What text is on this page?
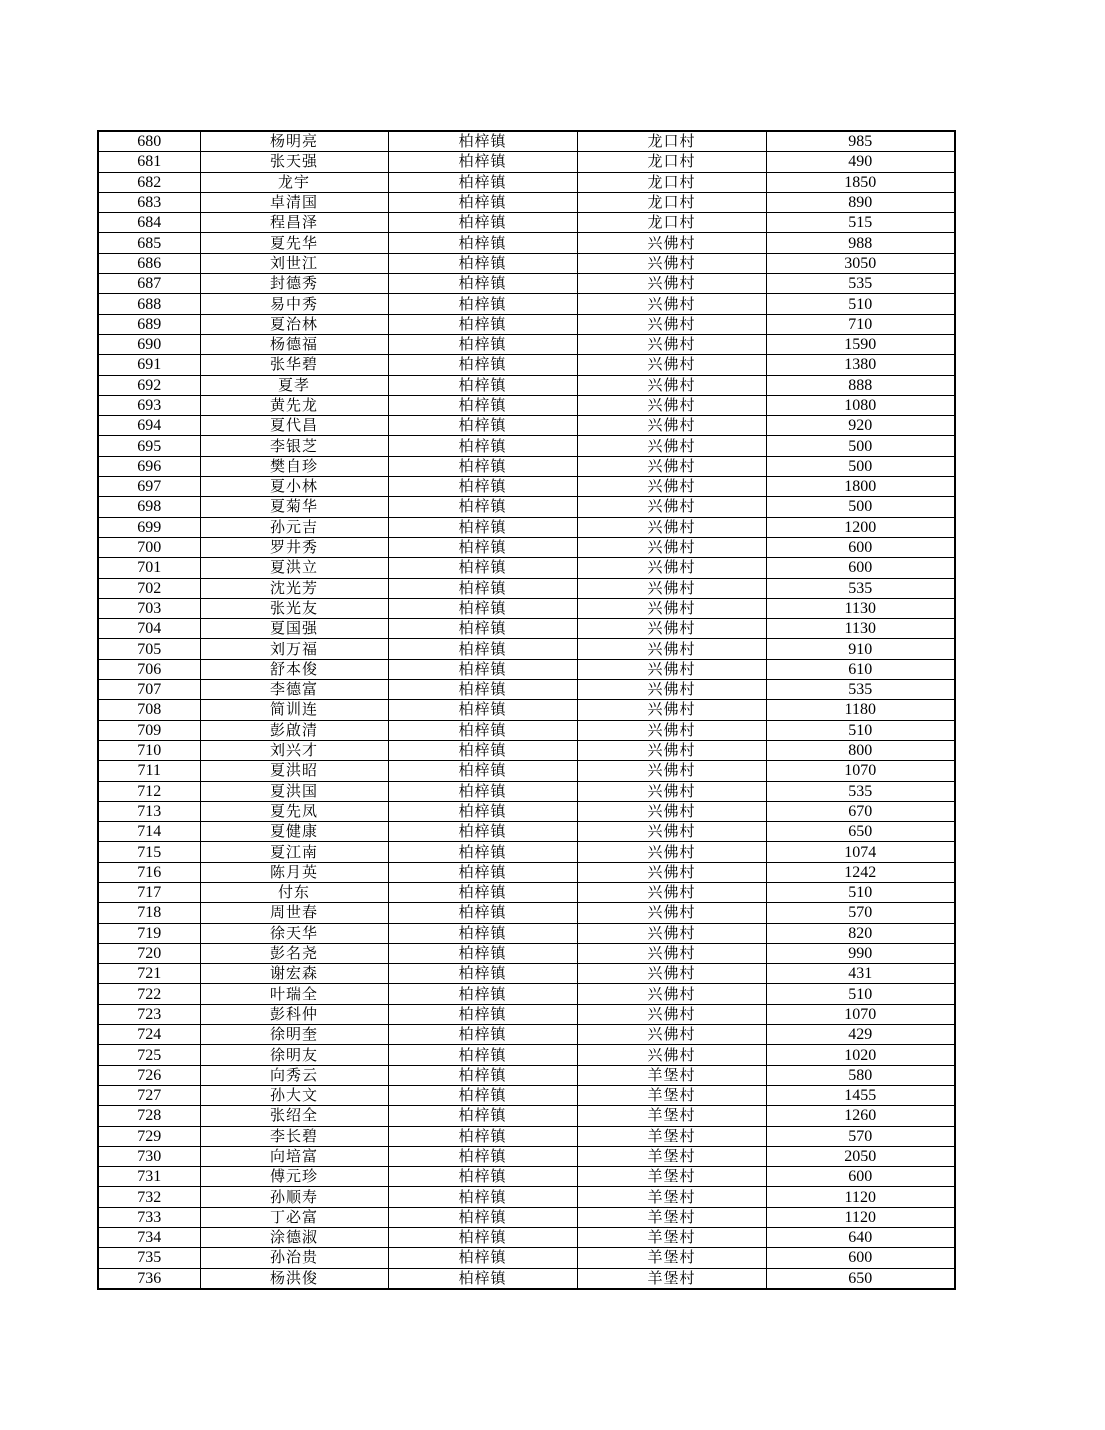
680	杨明亮	柏梓镇	龙口村	985
681	张天强	柏梓镇	龙口村	490
682	龙宇	柏梓镇	龙口村	1850
683	卓清国	柏梓镇	龙口村	890
684	程昌泽	柏梓镇	龙口村	515
685	夏先华	柏梓镇	兴佛村	988
686	刘世江	柏梓镇	兴佛村	3050
687	封德秀	柏梓镇	兴佛村	535
688	易中秀	柏梓镇	兴佛村	510
689	夏治林	柏梓镇	兴佛村	710
690	杨德福	柏梓镇	兴佛村	1590
691	张华碧	柏梓镇	兴佛村	1380
692	夏孝	柏梓镇	兴佛村	888
693	黄先龙	柏梓镇	兴佛村	1080
694	夏代昌	柏梓镇	兴佛村	920
695	李银芝	柏梓镇	兴佛村	500
696	樊自珍	柏梓镇	兴佛村	500
697	夏小林	柏梓镇	兴佛村	1800
698	夏菊华	柏梓镇	兴佛村	500
699	孙元吉	柏梓镇	兴佛村	1200
700	罗井秀	柏梓镇	兴佛村	600
701	夏洪立	柏梓镇	兴佛村	600
702	沈光芳	柏梓镇	兴佛村	535
703	张光友	柏梓镇	兴佛村	1130
704	夏国强	柏梓镇	兴佛村	1130
705	刘万福	柏梓镇	兴佛村	910
706	舒本俊	柏梓镇	兴佛村	610
707	李德富	柏梓镇	兴佛村	535
708	简训连	柏梓镇	兴佛村	1180
709	彭啟清	柏梓镇	兴佛村	510
710	刘兴才	柏梓镇	兴佛村	800
711	夏洪昭	柏梓镇	兴佛村	1070
712	夏洪国	柏梓镇	兴佛村	535
713	夏先凤	柏梓镇	兴佛村	670
714	夏健康	柏梓镇	兴佛村	650
715	夏江南	柏梓镇	兴佛村	1074
716	陈月英	柏梓镇	兴佛村	1242
717	付东	柏梓镇	兴佛村	510
718	周世春	柏梓镇	兴佛村	570
719	徐天华	柏梓镇	兴佛村	820
720	彭名尧	柏梓镇	兴佛村	990
721	谢宏森	柏梓镇	兴佛村	431
722	叶瑞全	柏梓镇	兴佛村	510
723	彭科仲	柏梓镇	兴佛村	1070
724	徐明奎	柏梓镇	兴佛村	429
725	徐明友	柏梓镇	兴佛村	1020
726	向秀云	柏梓镇	羊堡村	580
727	孙大文	柏梓镇	羊堡村	1455
728	张绍全	柏梓镇	羊堡村	1260
729	李长碧	柏梓镇	羊堡村	570
730	向培富	柏梓镇	羊堡村	2050
731	傅元珍	柏梓镇	羊堡村	600
732	孙顺寿	柏梓镇	羊堡村	1120
733	丁必富	柏梓镇	羊堡村	1120
734	涂德淑	柏梓镇	羊堡村	640
735	孙治贵	柏梓镇	羊堡村	600
736	杨洪俊	柏梓镇	羊堡村	650
